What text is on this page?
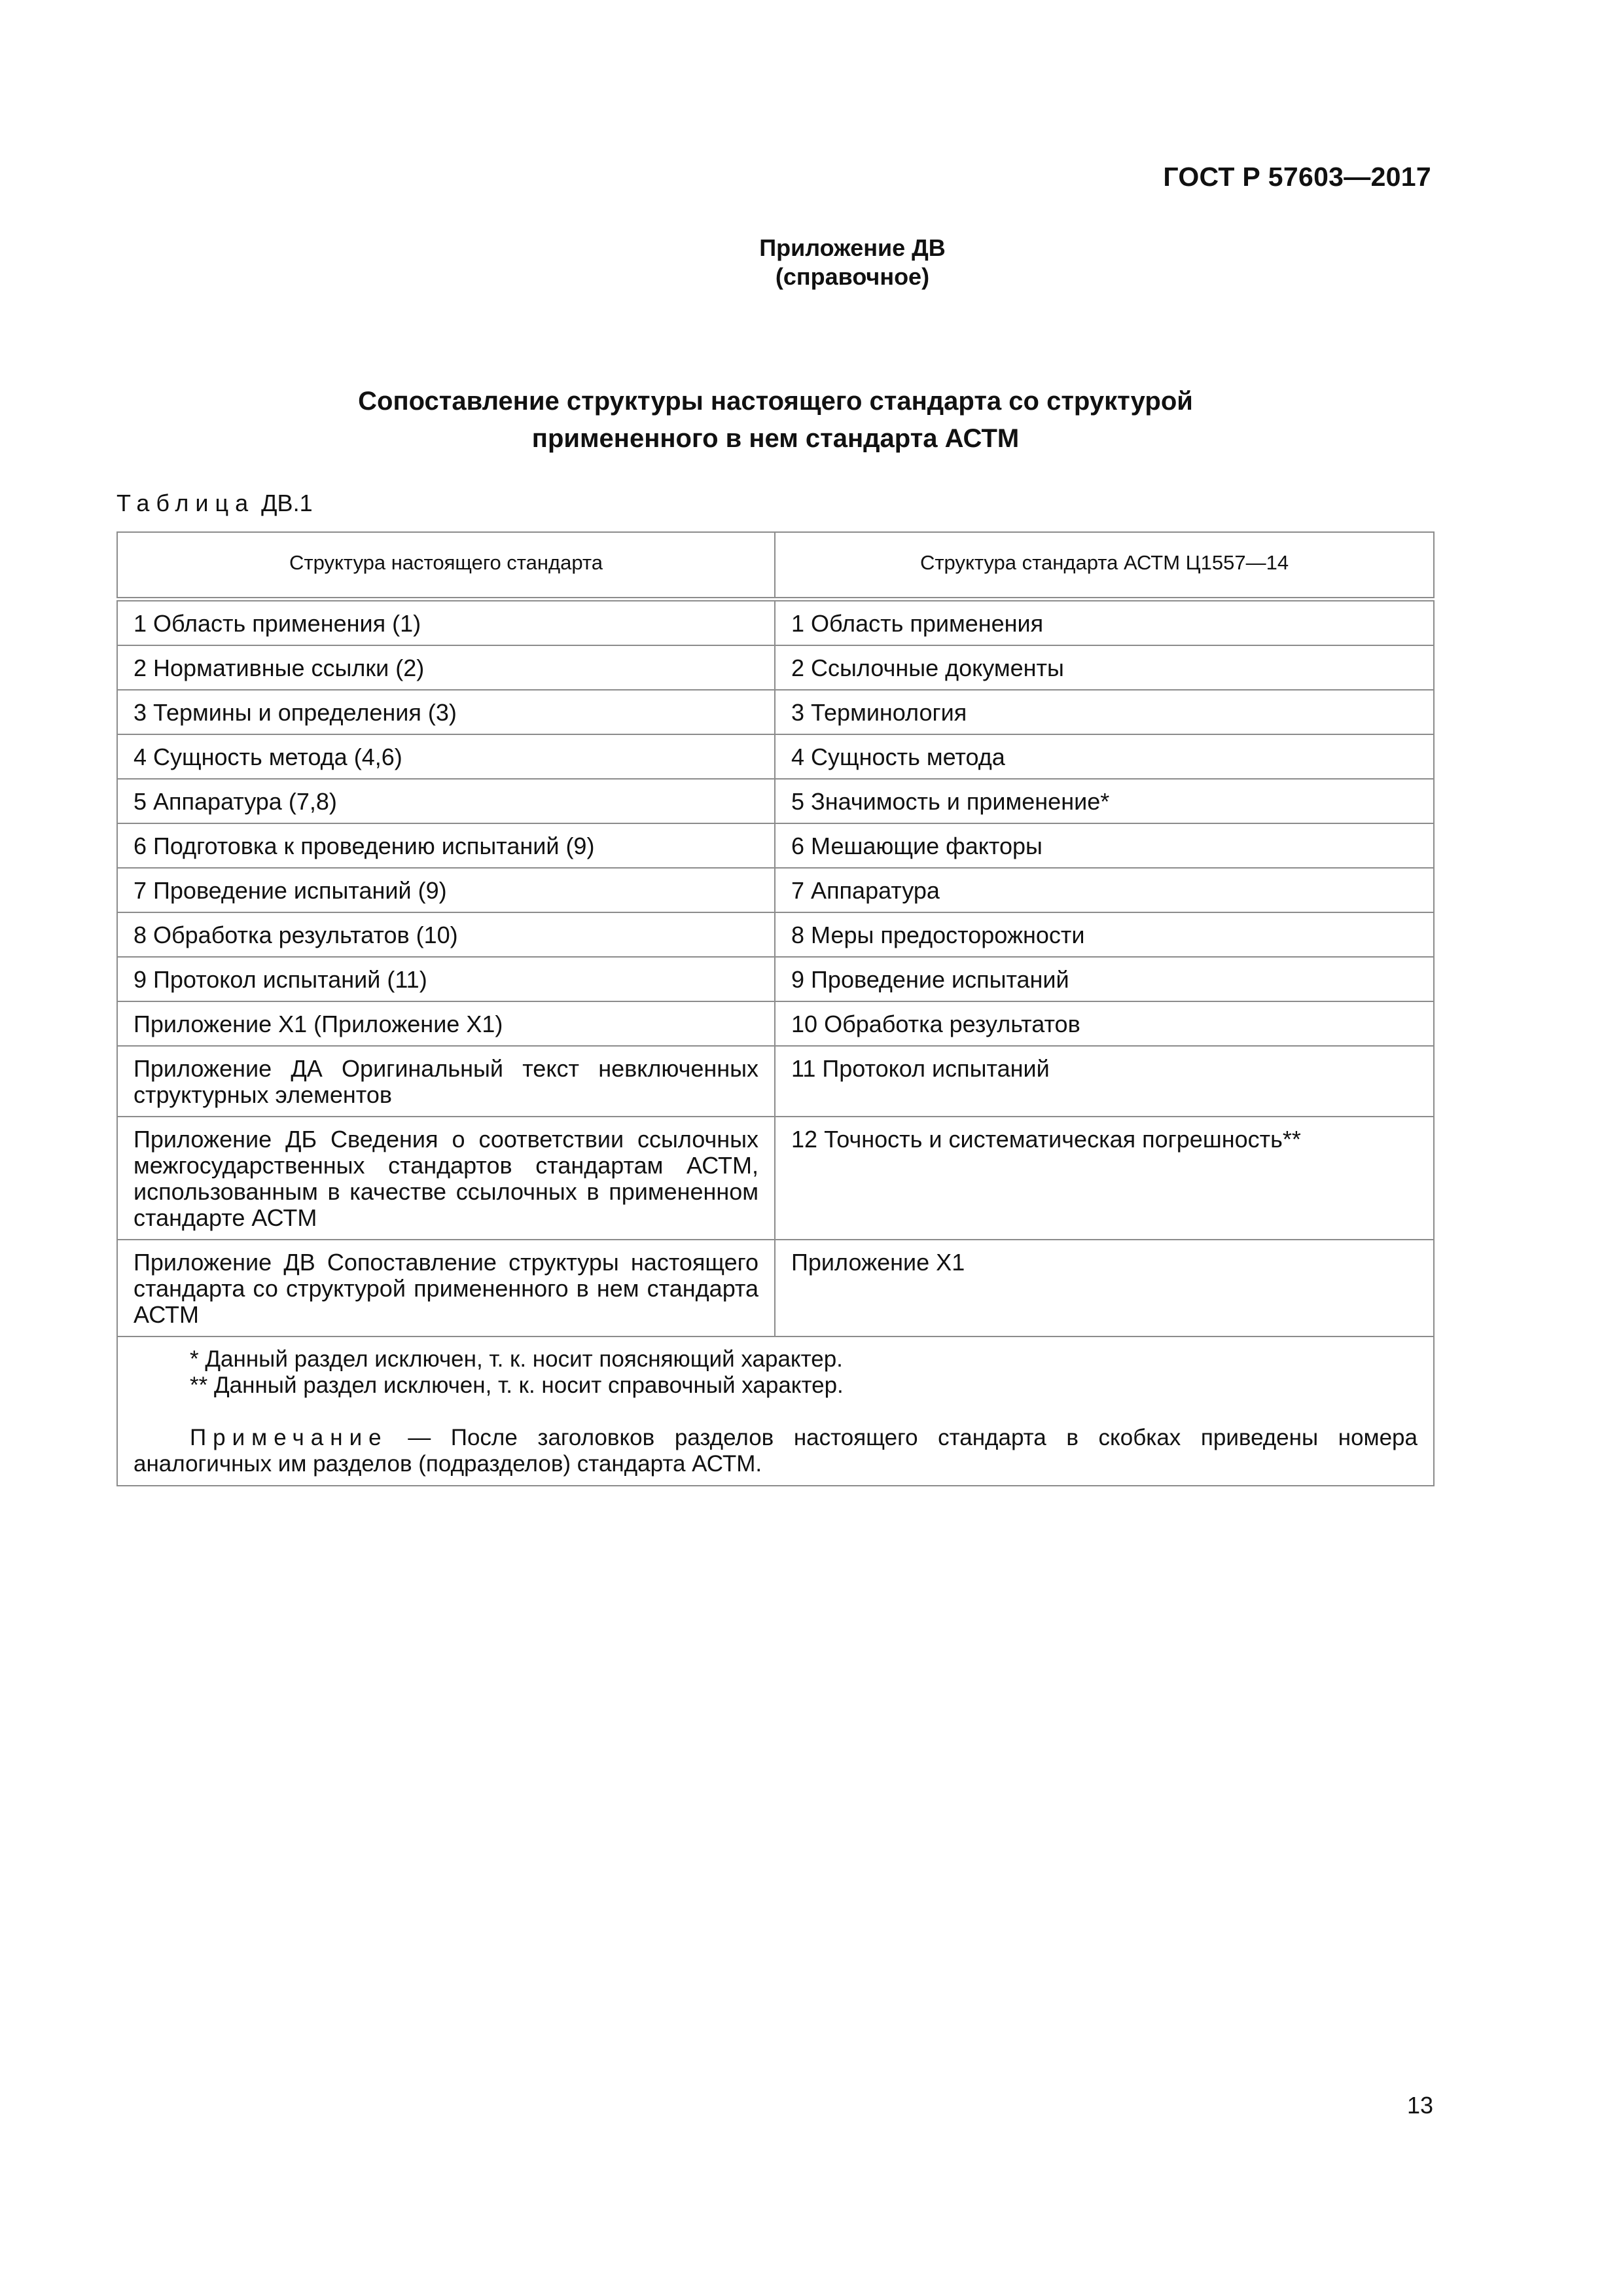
ГОСТ Р 57603—2017
Приложение ДВ
(справочное)
Сопоставление структуры настоящего стандарта со структурой
примененного в нем стандарта АСТМ
Таблица ДВ.1
Структура настоящего стандарта	Структура стандарта АСТМ Ц1557—14
1 Область применения (1)	1 Область применения
2 Нормативные ссылки (2)	2 Ссылочные документы
3 Термины и определения (3)	3 Терминология
4 Сущность метода (4,6)	4 Сущность метода
5 Аппаратура (7,8)	5 Значимость и применение*
6 Подготовка к проведению испытаний (9)	6 Мешающие факторы
7 Проведение испытаний (9)	7 Аппаратура
8 Обработка результатов (10)	8 Меры предосторожности
9 Протокол испытаний (11)	9 Проведение испытаний
Приложение Х1 (Приложение Х1)	10 Обработка результатов
Приложение ДА Оригинальный текст невключенных структурных элементов	11 Протокол испытаний
Приложение ДБ Сведения о соответствии ссылочных межгосударственных стандартов стандартам АСТМ, использованным в качестве ссылочных в примененном стандарте АСТМ	12 Точность и систематическая погрешность**
Приложение ДВ Сопоставление структуры настоящего стандарта со структурой примененного в нем стандарта АСТМ	Приложение Х1

* Данный раздел исключен, т. к. носит поясняющий характер.
** Данный раздел исключен, т. к. носит справочный характер.
Примечание — После заголовков разделов настоящего стандарта в скобках приведены номера аналогичных им разделов (подразделов) стандарта АСТМ.	
13
